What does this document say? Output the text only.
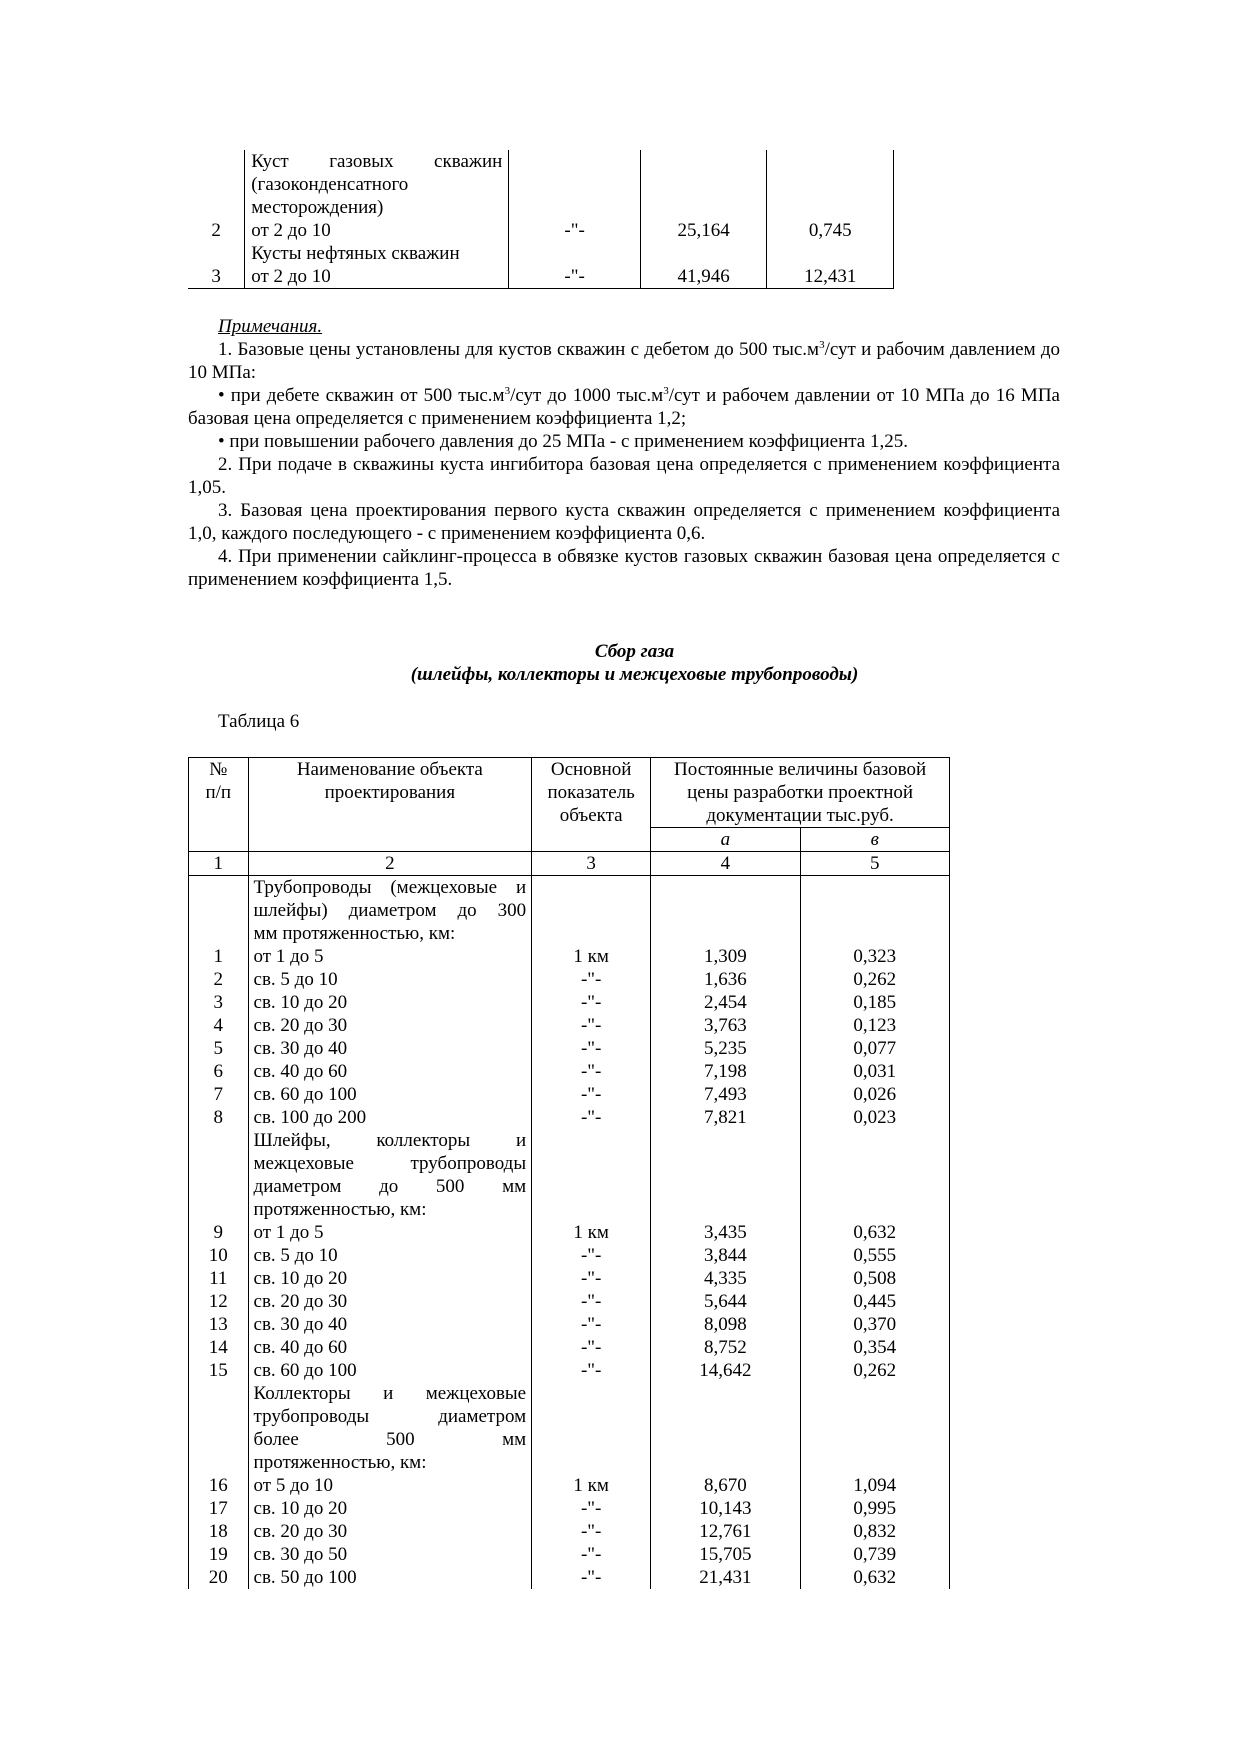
2	Куст газовых скважин
(газоконденсатного
месторождения)
от 2 до 10	-"-	25,164	0,745
3	Кусты нефтяных скважин
от 2 до 10	-"-	41,946	12,431

Примечания.

1. Базовые цены установлены для кустов скважин с дебетом до 500 $тыс.м^3$/сут и рабочим давлением до 10 МПа:

• при дебете скважин от 500 $тыс.м^3$/сут до 1000 $тыс.м^3$/сут и рабочем давлении от 10 МПа до 16 МПа базовая цена определяется с применением коэффициента 1,2;

• при повышении рабочего давления до 25 МПа - с применением коэффициента 1,25.

2. При подаче в скважины куста ингибитора базовая цена определяется с применением коэффициента 1,05.

3. Базовая цена проектирования первого куста скважин определяется с применением коэффициента 1,0, каждого последующего - с применением коэффициента 0,6.

4. При применении сайклинг-процесса в обвязке кустов газовых скважин базовая цена определяется с применением коэффициента 1,5.

Сбор газа
(шлейфы, коллекторы и межцеховые трубопроводы)
Таблица 6
№
п/п	Наименование объекта проектирования	Основной показатель объекта	Постоянные величины базовой цены разработки проектной документации тыс.руб.	
			а	в
1	2	3	4	5

	Трубопроводы (межцеховые и
шлейфы) диаметром до 300
мм протяженностью, км:			

1	от 1 до 5	1 км	1,309	0,323
2	св. 5 до 10	-"-	1,636	0,262
3	св. 10 до 20	-"-	2,454	0,185
4	св. 20 до 30	-"-	3,763	0,123
5	св. 30 до 40	-"-	5,235	0,077
6	св. 40 до 60	-"-	7,198	0,031
7	св. 60 до 100	-"-	7,493	0,026
8	св. 100 до 200	-"-	7,821	0,023

	Шлейфы, коллекторы и
межцеховые трубопроводы
диаметром до 500 мм
протяженностью, км:			

9	от 1 до 5	1 км	3,435	0,632
10	св. 5 до 10	-"-	3,844	0,555
11	св. 10 до 20	-"-	4,335	0,508
12	св. 20 до 30	-"-	5,644	0,445
13	св. 30 до 40	-"-	8,098	0,370
14	св. 40 до 60	-"-	8,752	0,354
15	св. 60 до 100	-"-	14,642	0,262

	Коллекторы и межцеховые
трубопроводы диаметром
более 500 мм
протяженностью, км:			

16	от 5 до 10	1 км	8,670	1,094
17	св. 10 до 20	-"-	10,143	0,995
18	св. 20 до 30	-"-	12,761	0,832
19	св. 30 до 50	-"-	15,705	0,739
20	св. 50 до 100	-"-	21,431	0,632
